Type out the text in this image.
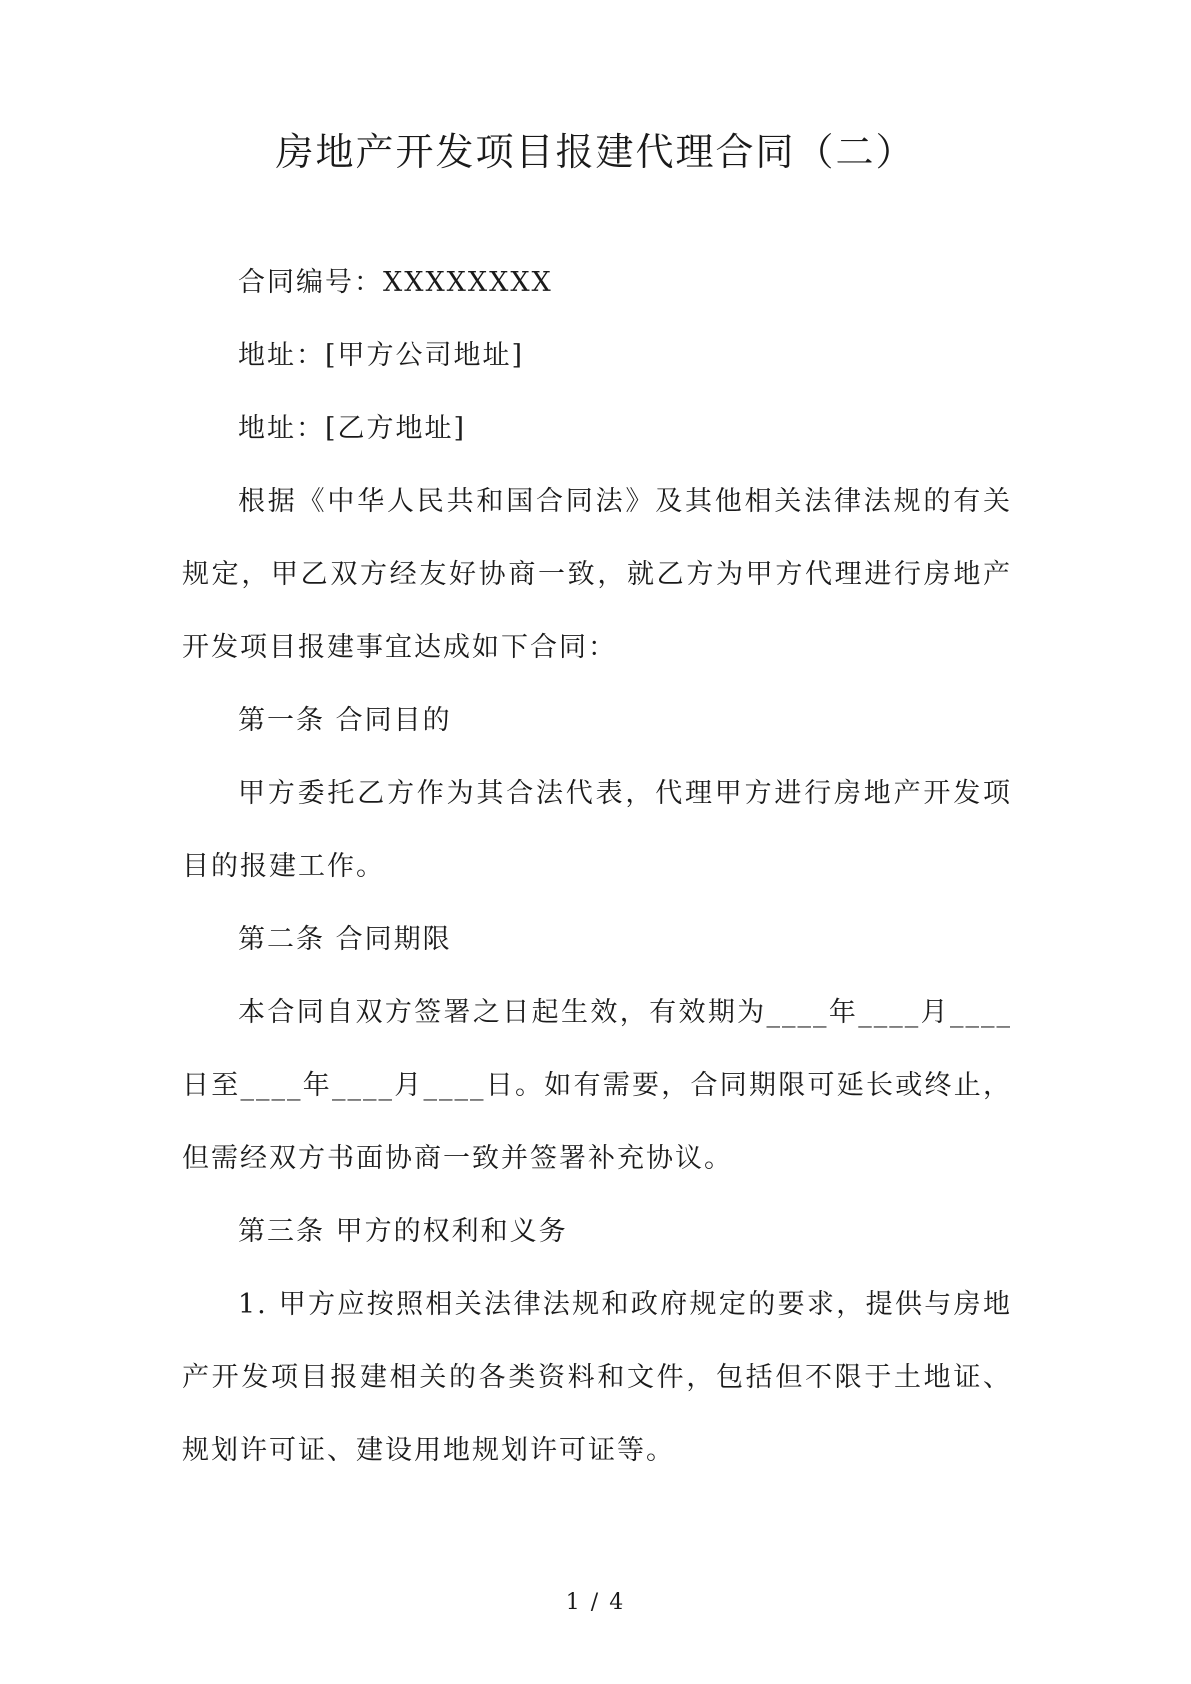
房地产开发项目报建代理合同（二）

合同编号：XXXXXXXX

地址：[甲方公司地址]

地址：[乙方地址]

根据《中华人民共和国合同法》及其他相关法律法规的有关规定，甲乙双方经友好协商一致，就乙方为甲方代理进行房地产开发项目报建事宜达成如下合同：

第一条 合同目的

甲方委托乙方作为其合法代表，代理甲方进行房地产开发项目的报建工作。

第二条 合同期限

本合同自双方签署之日起生效，有效期为____年____月____日至____年____月____日。如有需要，合同期限可延长或终止，但需经双方书面协商一致并签署补充协议。

第三条 甲方的权利和义务

1. 甲方应按照相关法律法规和政府规定的要求，提供与房地产开发项目报建相关的各类资料和文件，包括但不限于土地证、规划许可证、建设用地规划许可证等。

1 / 4
